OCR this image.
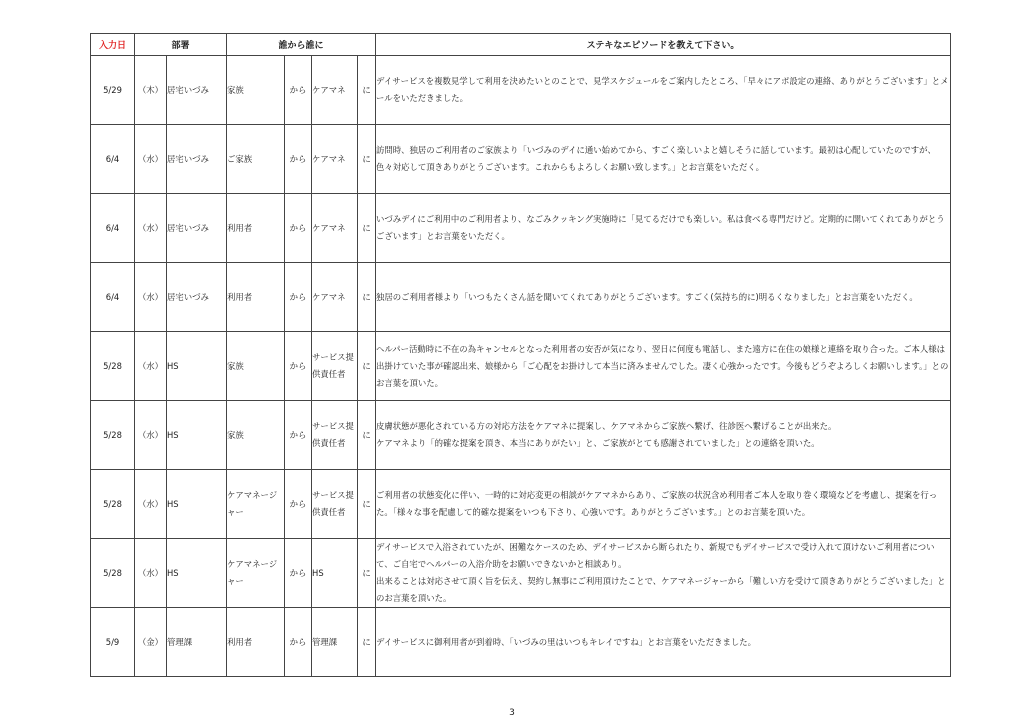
入力日	部署		誰から誰に				ステキなエピソードを教えて下さい。
5/29	（木）	居宅いづみ	家族	から	ケアマネ	に	デイサービスを複数見学して利用を決めたいとのことで、見学スケジュールをご案内したところ、「早々にアポ設定の連絡、ありがとうございます」とメールをいただきました。
6/4	（水）	居宅いづみ	ご家族	から	ケアマネ	に	訪問時、独居のご利用者のご家族より「いづみのデイに通い始めてから、すごく楽しいよと嬉しそうに話しています。最初は心配していたのですが、色々対応して頂きありがとうございます。これからもよろしくお願い致します。」とお言葉をいただく。
6/4	（水）	居宅いづみ	利用者	から	ケアマネ	に	いづみデイにご利用中のご利用者より、なごみクッキング実施時に「見てるだけでも楽しい。私は食べる専門だけど。定期的に開いてくれてありがとうございます」とお言葉をいただく。
6/4	（水）	居宅いづみ	利用者	から	ケアマネ	に	独居のご利用者様より「いつもたくさん話を聞いてくれてありがとうございます。すごく(気持ち的に)明るくなりました」とお言葉をいただく。
5/28	（水）	HS	家族	から	サービス提供責任者	に	ヘルパー活動時に不在の為キャンセルとなった利用者の安否が気になり、翌日に何度も電話し、また遠方に在住の娘様と連絡を取り合った。ご本人様は出掛けていた事が確認出来、娘様から「ご心配をお掛けして本当に済みませんでした。凄く心強かったです。今後もどうぞよろしくお願いします。」とのお言葉を頂いた。
5/28	（水）	HS	家族	から	サービス提供責任者	に	皮膚状態が悪化されている方の対応方法をケアマネに提案し、ケアマネからご家族へ繋げ、往診医へ繋げることが出来た。
ケアマネより「的確な提案を頂き、本当にありがたい」と、ご家族がとても感謝されていました」との連絡を頂いた。
5/28	（水）	HS	ケアマネージャー	から	サービス提供責任者	に	ご利用者の状態変化に伴い、一時的に対応変更の相談がケアマネからあり、ご家族の状況含め利用者ご本人を取り巻く環境などを考慮し、提案を行った。「様々な事を配慮して的確な提案をいつも下さり、心強いです。ありがとうございます。」とのお言葉を頂いた。
5/28	（水）	HS	ケアマネージャー	から	HS	に	デイサービスで入浴されていたが、困難なケースのため、デイサービスから断られたり、新規でもデイサービスで受け入れて頂けないご利用者について、ご自宅でヘルパーの入浴介助をお願いできないかと相談あり。
出来ることは対応させて頂く旨を伝え、契約し無事にご利用頂けたことで、ケアマネージャーから「難しい方を受けて頂きありがとうございました」とのお言葉を頂いた。
5/9	（金）	管理課	利用者	から	管理課	に	デイサービスに御利用者が到着時、「いづみの里はいつもキレイですね」とお言葉をいただきました。
3
